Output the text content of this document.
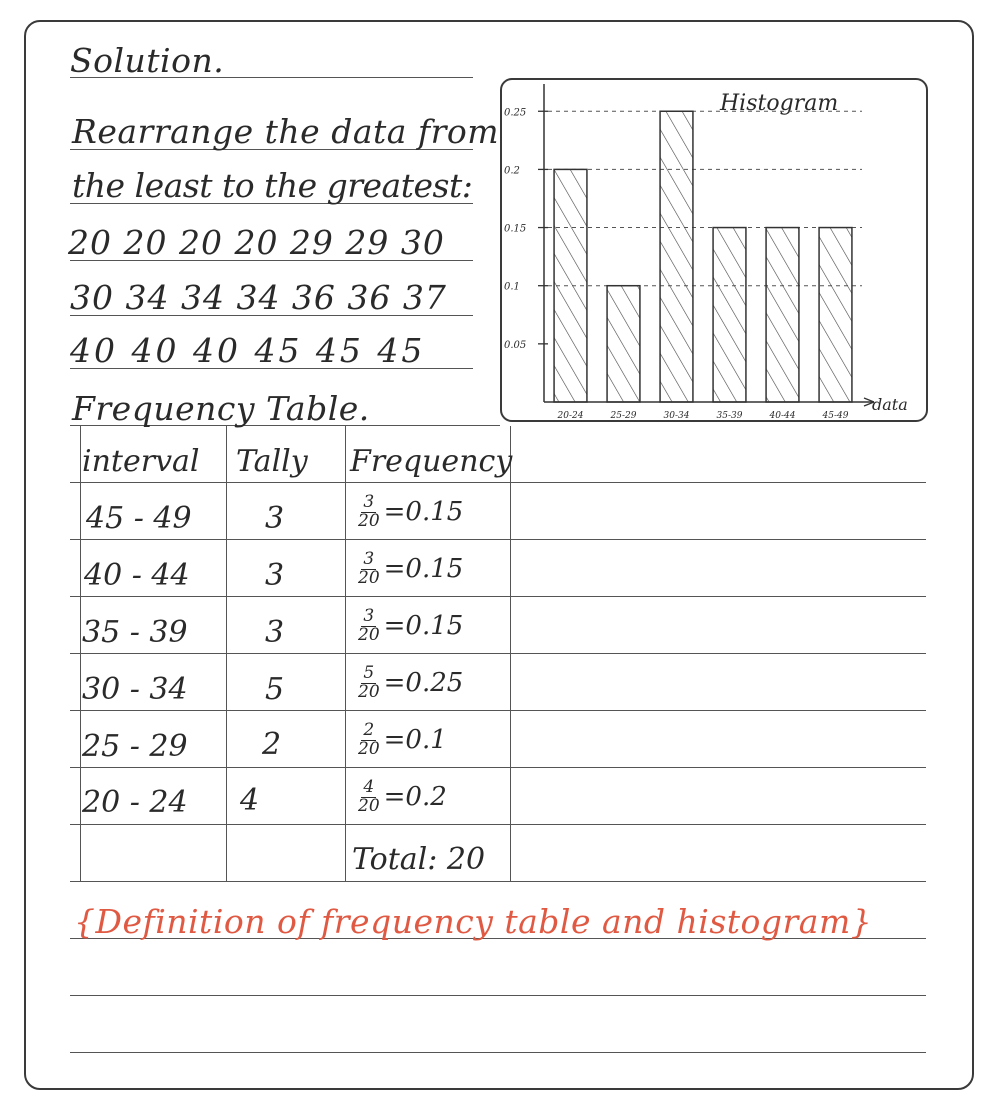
Solution.
Rearrange the data from
the least to the greatest:
20 20 20 20 29 29 30
30 34 34 34 36 36 37
40 40 40 45 45 45
Frequency Table.
interval Tally Frequency
45 - 49 3	$\frac{3}{20} =0.15$
40 - 44	3	$\frac{3}{20} =0.15$
35 - 39	3	$\frac{3}{20} =0.15$
30 - 34	5	$\frac{5}{20} =0.25$
25 - 29 2	$\frac{2}{20} =0.1$
20 - 24 4	$\frac{4}{20} =0.2$
Total: 20
{Definition of frequency table and histogram}
Histogram
0.05
0.1
0.15
0.2
0.25
20-24	25-29	30-34	35-39	40-44	45-49
data
